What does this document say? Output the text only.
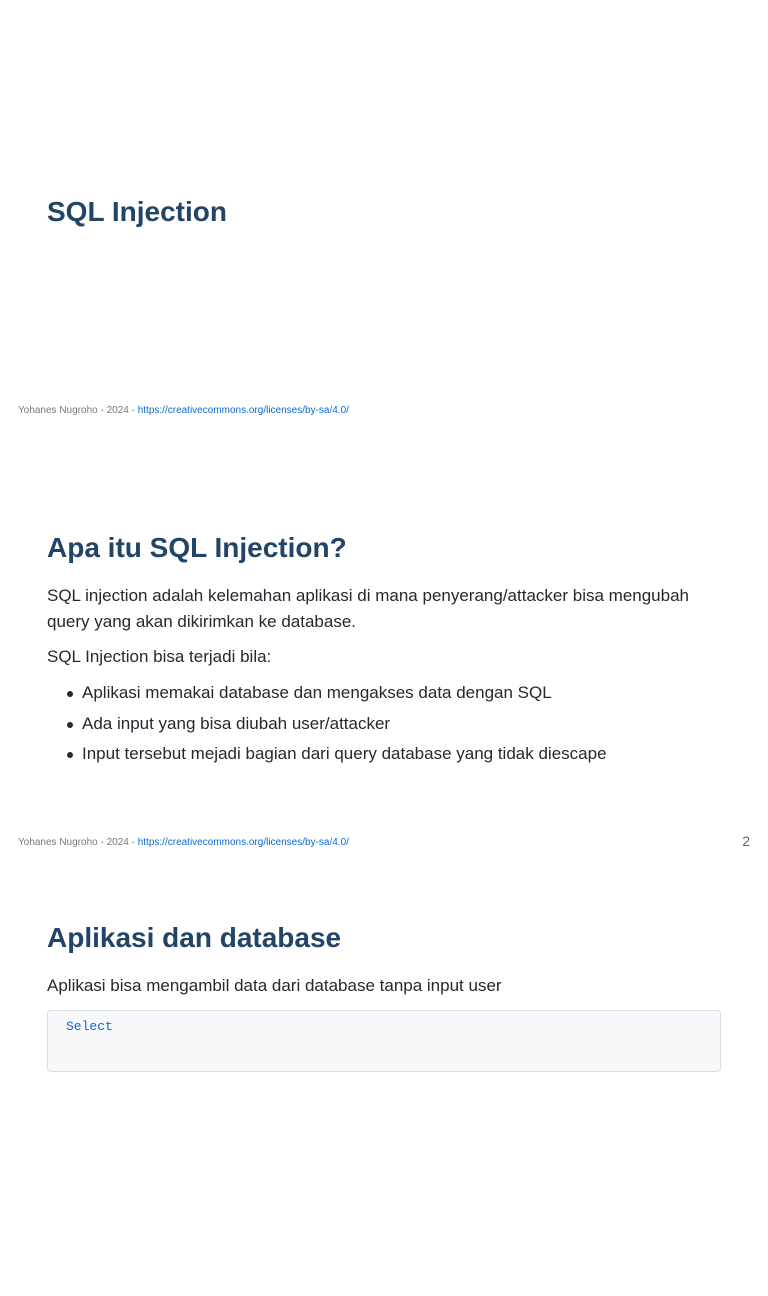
SQL Injection
Yohanes Nugroho - 2024 - https://creativecommons.org/licenses/by-sa/4.0/
Apa itu SQL Injection?

SQL injection adalah kelemahan aplikasi di mana penyerang/attacker bisa mengubah query yang akan dikirimkan ke database.

SQL Injection bisa terjadi bila:

Aplikasi memakai database dan mengakses data dengan SQL
Ada input yang bisa diubah user/attacker
Input tersebut mejadi bagian dari query database yang tidak diescape
Yohanes Nugroho - 2024 - https://creativecommons.org/licenses/by-sa/4.0/	2
Aplikasi dan database

Aplikasi bisa mengambil data dari database tanpa input user

Select
